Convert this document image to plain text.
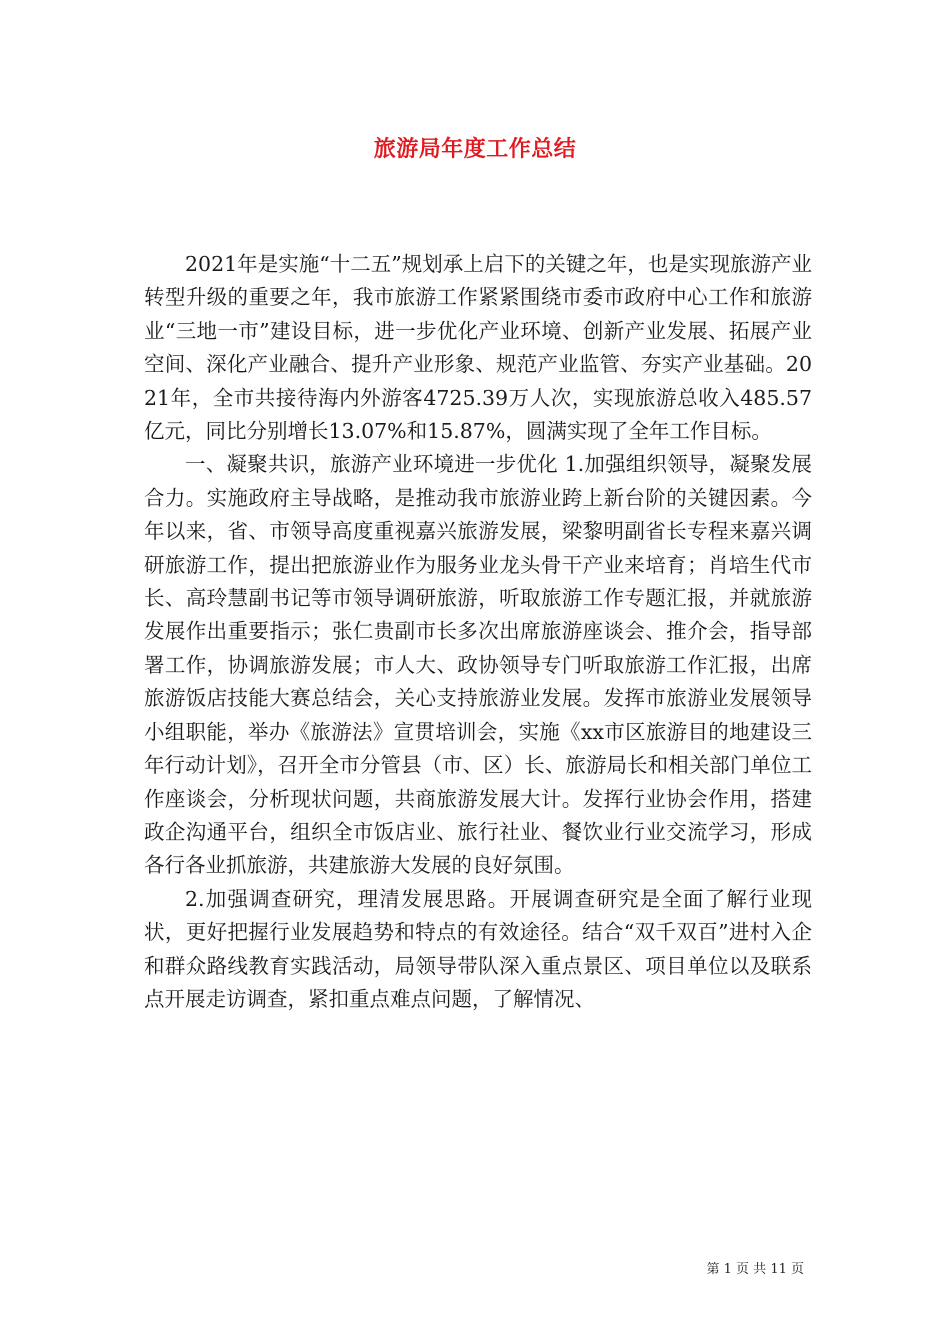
旅游局年度工作总结

2021年是实施“十二五”规划承上启下的关键之年，也是实现旅游产业转型升级的重要之年，我市旅游工作紧紧围绕市委市政府中心工作和旅游业“三地一市”建设目标，进一步优化产业环境、创新产业发展、拓展产业空间、深化产业融合、提升产业形象、规范产业监管、夯实产业基础。2021年，全市共接待海内外游客4725.39万人次，实现旅游总收入485.57亿元，同比分别增长13.07%和15.87%，圆满实现了全年工作目标。

一、凝聚共识，旅游产业环境进一步优化 1.加强组织领导，凝聚发展合力。实施政府主导战略，是推动我市旅游业跨上新台阶的关键因素。今年以来，省、市领导高度重视嘉兴旅游发展，梁黎明副省长专程来嘉兴调研旅游工作，提出把旅游业作为服务业龙头骨干产业来培育；肖培生代市长、高玲慧副书记等市领导调研旅游，听取旅游工作专题汇报，并就旅游发展作出重要指示；张仁贵副市长多次出席旅游座谈会、推介会，指导部署工作，协调旅游发展；市人大、政协领导专门听取旅游工作汇报，出席旅游饭店技能大赛总结会，关心支持旅游业发展。发挥市旅游业发展领导小组职能，举办《旅游法》宣贯培训会，实施《xx市区旅游目的地建设三年行动计划》，召开全市分管县（市、区）长、旅游局长和相关部门单位工作座谈会，分析现状问题，共商旅游发展大计。发挥行业协会作用，搭建政企沟通平台，组织全市饭店业、旅行社业、餐饮业行业交流学习，形成各行各业抓旅游，共建旅游大发展的良好氛围。

2.加强调查研究，理清发展思路。开展调查研究是全面了解行业现状，更好把握行业发展趋势和特点的有效途径。结合“双千双百”进村入企和群众路线教育实践活动，局领导带队深入重点景区、项目单位以及联系点开展走访调查，紧扣重点难点问题，了解情况、

第 1 页 共 11 页
